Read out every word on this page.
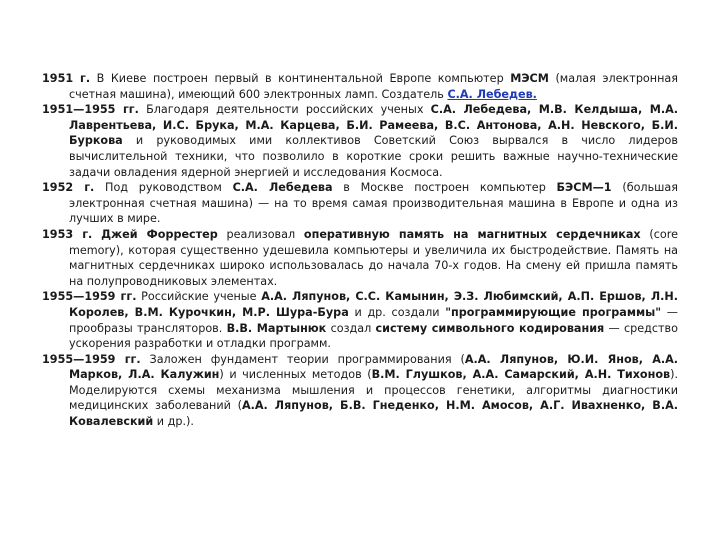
1951 г. В Киеве построен первый в континентальной Европе компьютер МЭСМ (малая электронная счетная машина), имеющий 600 электронных ламп. Создатель С.А. Лебедев.

1951—1955 гг. Благодаря деятельности российских ученых С.А. Лебедева, М.В. Келдыша, М.А. Лаврентьева, И.С. Брука, М.А. Карцева, Б.И. Рамеева, В.С. Антонова, А.Н. Невского, Б.И. Буркова и руководимых ими коллективов Советский Союз вырвался в число лидеров вычислительной техники, что позволило в короткие сроки решить важные научно-технические задачи овладения ядерной энергией и исследования Космоса.

1952 г. Под руководством С.А. Лебедева в Москве построен компьютер БЭСМ—1 (большая электронная счетная машина) — на то время самая производительная машина в Европе и одна из лучших в мире.

1953 г. Джей Форрестер реализовал оперативную память на магнитных сердечниках (core memory), которая существенно удешевила компьютеры и увеличила их быстродействие. Память на магнитных сердечниках широко использовалась до начала 70-х годов. На смену ей пришла память на полупроводниковых элементах.

1955—1959 гг. Российские ученые А.А. Ляпунов, С.С. Камынин, Э.З. Любимский, А.П. Ершов, Л.Н. Королев, В.М. Курочкин, М.Р. Шура-Бура и др. создали "программирующие программы" — прообразы трансляторов. В.В. Мартынюк создал систему символьного кодирования — средство ускорения разработки и отладки программ.

1955—1959 гг. Заложен фундамент теории программирования (А.А. Ляпунов, Ю.И. Янов, А.А. Марков, Л.А. Калужин) и численных методов (В.М. Глушков, А.А. Самарский, А.Н. Тихонов). Моделируются схемы механизма мышления и процессов генетики, алгоритмы диагностики медицинских заболеваний (А.А. Ляпунов, Б.В. Гнеденко, Н.М. Амосов, А.Г. Ивахненко, В.А. Ковалевский и др.).
